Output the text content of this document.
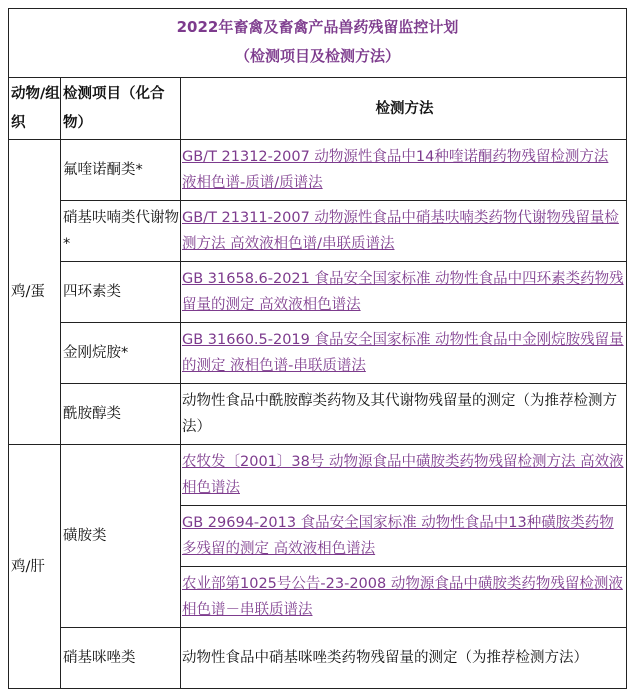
2022年畜禽及畜禽产品兽药残留监控计划
（检测项目及检测方法）		

动物/组织	检测项目（化合物）	检测方法
鸡/蛋	氟喹诺酮类*	GB/T 21312-2007 动物源性食品中14种喹诺酮药物残留检测方法 液相色谱-质谱/质谱法
	硝基呋喃类代谢物*	GB/T 21311-2007 动物源性食品中硝基呋喃类药物代谢物残留量检测方法 高效液相色谱/串联质谱法
	四环素类	GB 31658.6-2021 食品安全国家标准 动物性食品中四环素类药物残留量的测定 高效液相色谱法
	金刚烷胺*	GB 31660.5-2019 食品安全国家标准 动物性食品中金刚烷胺残留量的测定 液相色谱-串联质谱法
	酰胺醇类	动物性食品中酰胺醇类药物及其代谢物残留量的测定（为推荐检测方法）
鸡/肝	磺胺类	农牧发〔2001〕38号 动物源食品中磺胺类药物残留检测方法 高效液相色谱法
		GB 29694-2013 食品安全国家标准 动物性食品中13种磺胺类药物多残留的测定 高效液相色谱法
		农业部第1025号公告-23-2008 动物源食品中磺胺类药物残留检测液相色谱－串联质谱法
	硝基咪唑类	动物性食品中硝基咪唑类药物残留量的测定（为推荐检测方法）
